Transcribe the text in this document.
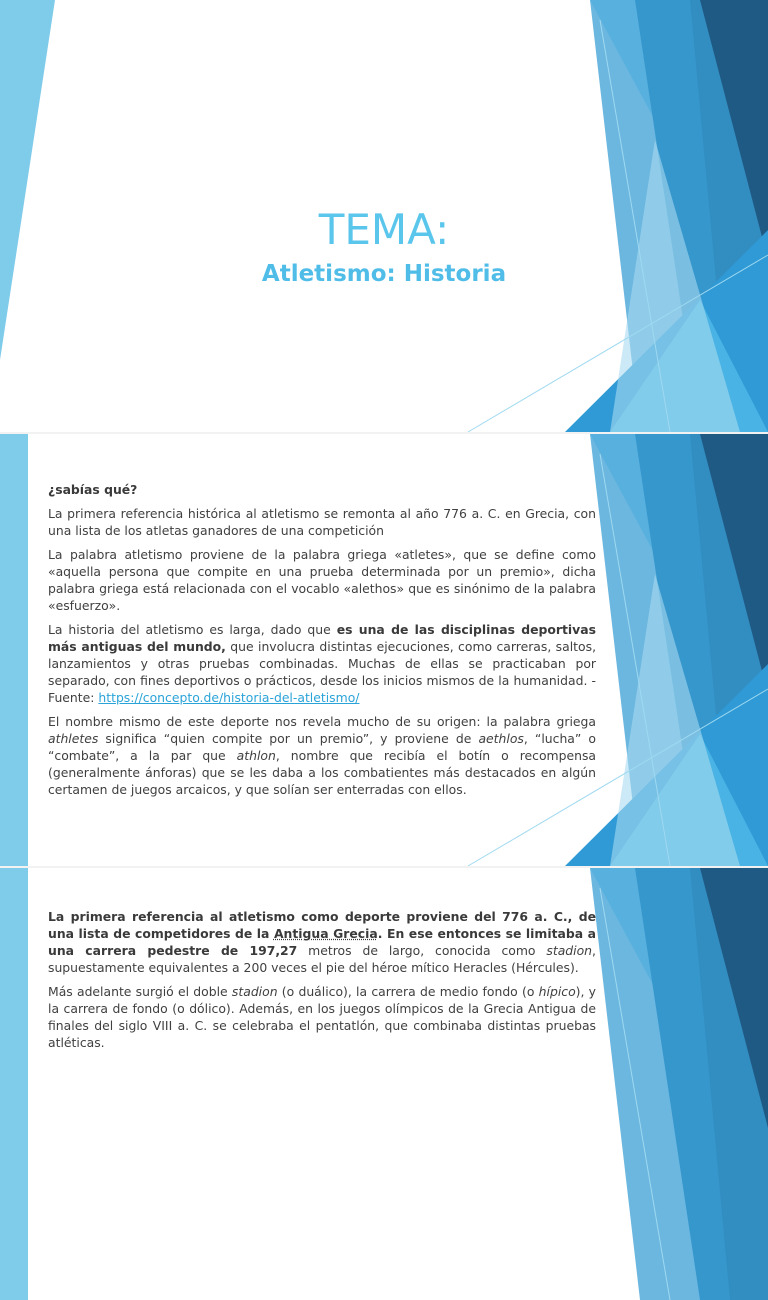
TEMA:
Atletismo: Historia

¿sabías qué?

La primera referencia histórica al atletismo se remonta al año 776 a. C. en Grecia, con una lista de los atletas ganadores de una competición

La palabra atletismo proviene de la palabra griega «atletes», que se define como «aquella persona que compite en una prueba determinada por un premio», dicha palabra griega está relacionada con el vocablo «alethos» que es sinónimo de la palabra «esfuerzo».

La historia del atletismo es larga, dado que es una de las disciplinas deportivas más antiguas del mundo, que involucra distintas ejecuciones, como carreras, saltos, lanzamientos y otras pruebas combinadas. Muchas de ellas se practicaban por separado, con fines deportivos o prácticos, desde los inicios mismos de la humanidad. - Fuente: https://concepto.de/historia-del-atletismo/

El nombre mismo de este deporte nos revela mucho de su origen: la palabra griega athletes significa “quien compite por un premio”, y proviene de aethlos, “lucha” o “combate”, a la par que athlon, nombre que recibía el botín o recompensa (generalmente ánforas) que se les daba a los combatientes más destacados en algún certamen de juegos arcaicos, y que solían ser enterradas con ellos.

La primera referencia al atletismo como deporte proviene del 776 a. C., de una lista de competidores de la Antigua Grecia. En ese entonces se limitaba a una carrera pedestre de 197,27 metros de largo, conocida como stadion, supuestamente equivalentes a 200 veces el pie del héroe mítico Heracles (Hércules).

Más adelante surgió el doble stadion (o duálico), la carrera de medio fondo (o hípico), y la carrera de fondo (o dólico). Además, en los juegos olímpicos de la Grecia Antigua de finales del siglo VIII a. C. se celebraba el pentatlón, que combinaba distintas pruebas atléticas.
